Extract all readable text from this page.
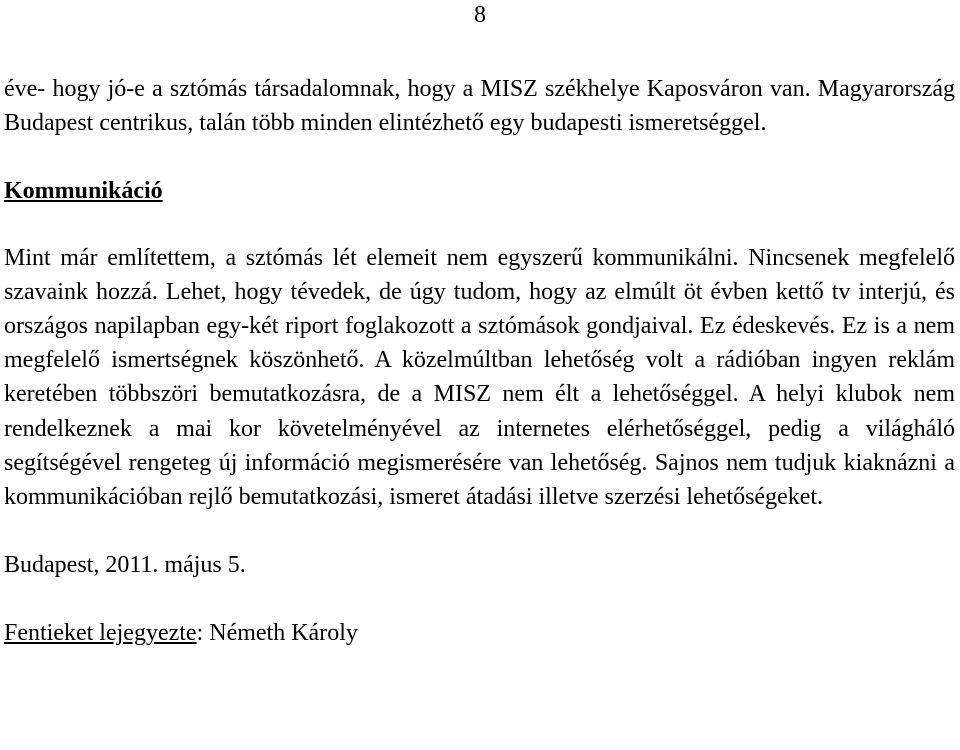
8

éve- hogy jó-e a sztómás társadalomnak, hogy a MISZ székhelye Kaposváron van. Magyarország Budapest centrikus, talán több minden elintézhető egy budapesti ismeretséggel.

Kommunikáció

Mint már említettem, a sztómás lét elemeit nem egyszerű kommunikálni. Nincsenek megfelelő szavaink hozzá. Lehet, hogy tévedek, de úgy tudom, hogy az elmúlt öt évben kettő tv interjú, és országos napilapban egy-két riport foglakozott a sztómások gondjaival. Ez édeskevés. Ez is a nem megfelelő ismertségnek köszönhető. A közelmúltban lehetőség volt a rádióban ingyen reklám keretében többszöri bemutatkozásra, de a MISZ nem élt a lehetőséggel. A helyi klubok nem rendelkeznek a mai kor követelményével az internetes elérhetőséggel, pedig a világháló segítségével rengeteg új információ megismerésére van lehetőség. Sajnos nem tudjuk kiaknázni a kommunikációban rejlő bemutatkozási, ismeret átadási illetve szerzési lehetőségeket.

Budapest, 2011. május 5.

Fentieket lejegyezte: Németh Károly
